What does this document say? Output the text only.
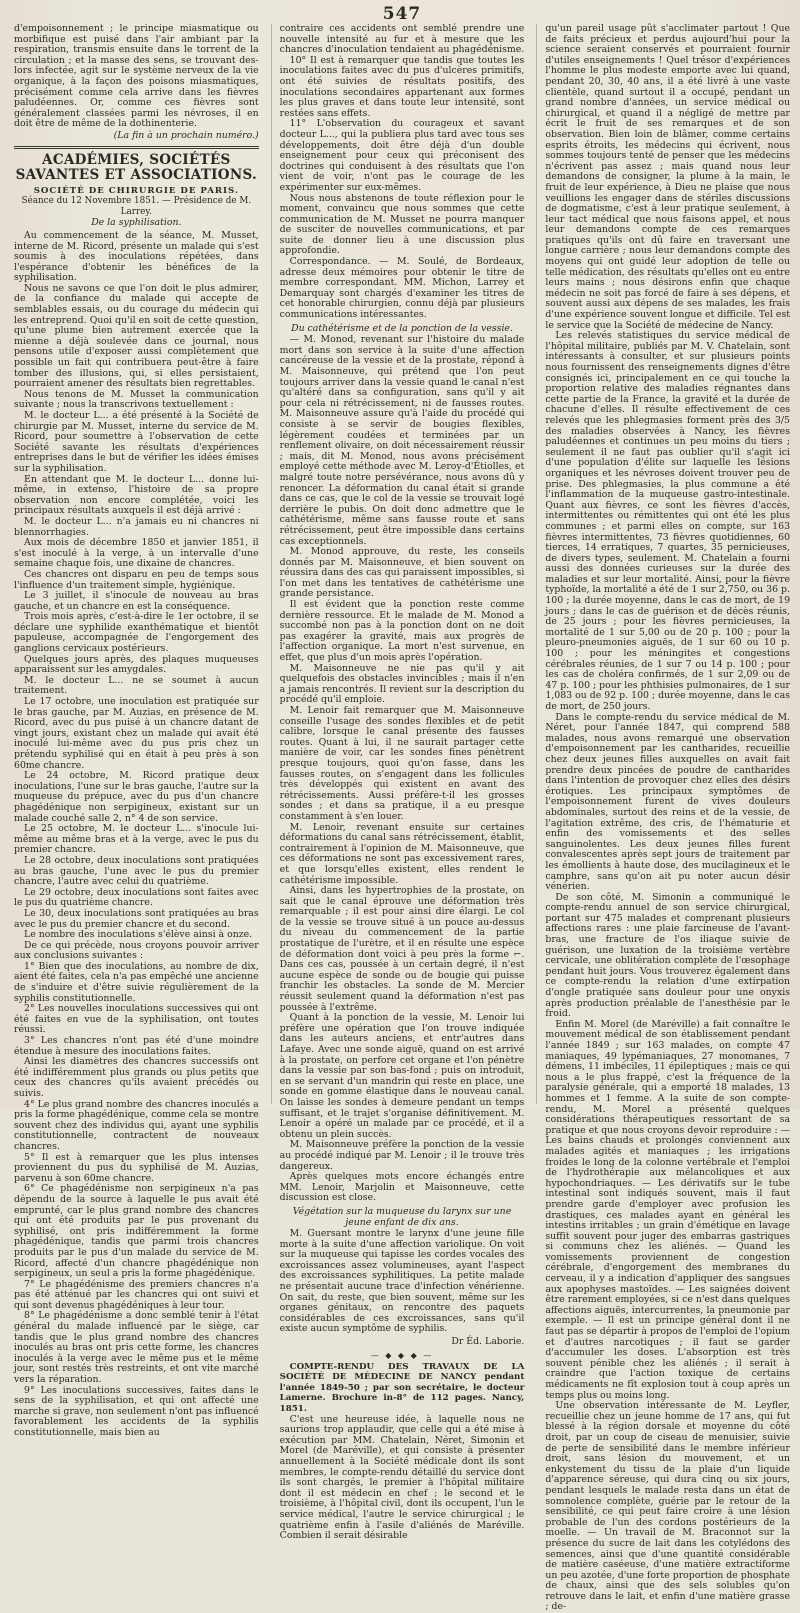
547

d'empoisonnement ; le principe miasmatique ou morbifique est puisé dans l'air ambiant par la respiration, transmis ensuite dans le torrent de la circulation ; et la masse des sens, se trouvant des-lors infectée, agit sur le système nerveux de la vie organique, à la façon des poisons miasmatiques, précisément comme cela arrive dans les fièvres paludéennes. Or, comme ces fièvres sont généralement classées parmi les névroses, il en doit être de même de la dothinenterie.

(La fin à un prochain numéro.)

ACADÉMIES, SOCIÉTÉS SAVANTES ET ASSOCIATIONS.
SOCIÉTÉ DE CHIRURGIE DE PARIS.
Séance du 12 Novembre 1851. — Présidence de M. Larrey.
De la syphilisation.

Au commencement de la séance, M. Musset, interne de M. Ricord, présente un malade qui s'est soumis à des inoculations répétées, dans l'espérance d'obtenir les bénéfices de la syphilisation.

Nous ne savons ce que l'on doit le plus admirer, de la confiance du malade qui accepte de semblables essais, ou du courage du médecin qui les entreprend. Quoi qu'il en soit de cette question, qu'une plume bien autrement exercée que la mienne a déjà soulevée dans ce journal, nous pensons utile d'exposer aussi complètement que possible un fait qui contribuera peut-être à faire tomber des illusions, qui, si elles persistaient, pourraient amener des résultats bien regrettables.

Nous tenons de M. Musset la communication suivante ; nous la transcrivons textuellement :

M. le docteur L... a été présenté à la Société de chirurgie par M. Musset, interne du service de M. Ricord, pour soumettre à l'observation de cette Société savante les résultats d'expériences entreprises dans le but de vérifier les idées émises sur la syphilisation.

En attendant que M. le docteur L... donne lui-même, in extenso, l'histoire de sa propre observation non encore complétée, voici les principaux résultats auxquels il est déjà arrivé :

M. le docteur L... n'a jamais eu ni chancres ni blennorrhagies.

Aux mois de décembre 1850 et janvier 1851, il s'est inoculé à la verge, à un intervalle d'une semaine chaque fois, une dixaine de chancres.

Ces chancres ont disparu en peu de temps sous l'influence d'un traitement simple, hygiénique.

Le 3 juillet, il s'inocule de nouveau au bras gauche, et un chancre en est la conséquence.

Trois mois après, c'est-à-dire le 1er octobre, il se déclare une syphilide exanthématique et bientôt papuleuse, accompagnée de l'engorgement des ganglions cervicaux postérieurs.

Quelques jours après, des plaques muqueuses apparaissent sur les amygdales.

M. le docteur L... ne se soumet à aucun traitement.

Le 17 octobre, une inoculation est pratiquée sur le bras gauche, par M. Auzias, en présence de M. Ricord, avec du pus puisé à un chancre datant de vingt jours, existant chez un malade qui avait été inoculé lui-même avec du pus pris chez un prétendu syphilisé qui en était à peu près à son 60me chancre.

Le 24 octobre, M. Ricord pratique deux inoculations, l'une sur le bras gauche, l'autre sur la muqueuse du prépuce, avec du pus d'un chancre phagédénique non serpigineux, existant sur un malade couché salle 2, n° 4 de son service.

Le 25 octobre, M. le docteur L... s'inocule lui-même au même bras et à la verge, avec le pus du premier chancre.

Le 28 octobre, deux inoculations sont pratiquées au bras gauche, l'une avec le pus du premier chancre, l'autre avec celui du quatrième.

Le 29 octobre, deux inoculations sont faites avec le pus du quatrième chancre.

Le 30, deux inoculations sont pratiquées au bras avec le pus du premier chancre et du second.

Le nombre des inoculations s'élève ainsi à onze.

De ce qui précède, nous croyons pouvoir arriver aux conclusions suivantes :

1° Bien que des inoculations, au nombre de dix, aient été faites, cela n'a pas empêché une ancienne de s'induire et d'être suivie régulièrement de la syphilis constitutionnelle.

2° Les nouvelles inoculations successives qui ont été faites en vue de la syphilisation, ont toutes réussi.

3° Les chancres n'ont pas été d'une moindre étendue à mesure des inoculations faites.

Ainsi les diamètres des chancres successifs ont été indifféremment plus grands ou plus petits que ceux des chancres qu'ils avaient précédés ou suivis.

4° Le plus grand nombre des chancres inoculés a pris la forme phagédénique, comme cela se montre souvent chez des individus qui, ayant une syphilis constitutionnelle, contractent de nouveaux chancres.

5° Il est à remarquer que les plus intenses proviennent du pus du syphilisé de M. Auzias, parvenu à son 60me chancre.

6° Ce phagédénisme non serpigineux n'a pas dépendu de la source à laquelle le pus avait été emprunté, car le plus grand nombre des chancres qui ont été produits par le pus provenant du syphilisé, ont pris indifféremment la forme phagédénique, tandis que parmi trois chancres produits par le pus d'un malade du service de M. Ricord, affecté d'un chancre phagédénique non serpigineux, un seul a pris la forme phagédénique.

7° Le phagédénisme des premiers chancres n'a pas été atténué par les chancres qui ont suivi et qui sont devenus phagédéniques à leur tour.

8° Le phagédénisme a donc semblé tenir à l'état général du malade influencé par le siège, car tandis que le plus grand nombre des chancres inoculés au bras ont pris cette forme, les chancres inoculés à la verge avec le même pus et le même jour, sont restés très restreints, et ont vite marché vers la réparation.

9° Les inoculations successives, faites dans le sens de la syphilisation, et qui ont affecté une marche si grave, non seulement n'ont pas influencé favorablement les accidents de la syphilis constitutionnelle, mais bien au

contraire ces accidents ont semblé prendre une nouvelle intensité au fur et à mesure que les chancres d'inoculation tendaient au phagédénisme.

10° Il est à remarquer que tandis que toutes les inoculations faites avec du pus d'ulcères primitifs, ont été suivies de résultats positifs, des inoculations secondaires appartenant aux formes les plus graves et dans toute leur intensité, sont restées sans effets.

11° L'observation du courageux et savant docteur L..., qui la publiera plus tard avec tous ses développements, doit être déjà d'un double enseignement pour ceux qui préconisent des doctrines qui conduisent à des résultats que l'on vient de voir, n'ont pas le courage de les expérimenter sur eux-mêmes.

Nous nous abstenons de toute réflexion pour le moment, convaincu que nous sommes que cette communication de M. Musset ne pourra manquer de susciter de nouvelles communications, et par suite de donner lieu à une discussion plus approfondie.

Correspondance. — M. Soulé, de Bordeaux, adresse deux mémoires pour obtenir le titre de membre correspondant. MM. Michon, Larrey et Demarquay sont chargés d'examiner les titres de cet honorable chirurgien, connu déjà par plusieurs communications intéressantes.

Du cathétérisme et de la ponction de la vessie.

— M. Monod, revenant sur l'histoire du malade mort dans son service à la suite d'une affection cancéreuse de la vessie et de la prostate, répond à M. Maisonneuve, qui prétend que l'on peut toujours arriver dans la vessie quand le canal n'est qu'altéré dans sa configuration, sans qu'il y ait pour cela ni rétrécissement, ni de fausses routes. M. Maisonneuve assure qu'à l'aide du procédé qui consiste à se servir de bougies flexibles, légèrement coudées et terminées par un renflement olivaire, on doit nécessairement réussir ; mais, dit M. Monod, nous avons précisément employé cette méthode avec M. Leroy-d'Étiolles, et malgré toute notre persévérance, nous avons dû y renoncer. La déformation du canal était si grande dans ce cas, que le col de la vessie se trouvait logé derrière le pubis. On doit donc admettre que le cathétérisme, même sans fausse route et sans rétrécissement, peut être impossible dans certains cas exceptionnels.

M. Monod approuve, du reste, les conseils donnés par M. Maisonneuve, et bien souvent on réussira dans des cas qui paraissent impossibles, si l'on met dans les tentatives de cathétérisme une grande persistance.

Il est évident que la ponction reste comme dernière ressource. Et le malade de M. Monod a succombé non pas à la ponction dont on ne doit pas exagérer la gravité, mais aux progrès de l'affection organique. La mort n'est survenue, en effet, que plus d'un mois après l'opération.

M. Maisonneuve ne nie pas qu'il y ait quelquefois des obstacles invincibles ; mais il n'en a jamais rencontrés. Il revient sur la description du procédé qu'il emploie.

M. Lenoir fait remarquer que M. Maisonneuve conseille l'usage des sondes flexibles et de petit calibre, lorsque le canal présente des fausses routes. Quant à lui, il ne saurait partager cette manière de voir, car les sondes fines pénètrent presque toujours, quoi qu'on fasse, dans les fausses routes, on s'engagent dans les follicules très développés qui existent en avant des rétrécissements. Aussi préfère-t-il les grosses sondes ; et dans sa pratique, il a eu presque constamment à s'en louer.

M. Lenoir, revenant ensuite sur certaines déformations du canal sans rétrécissement, établit, contrairement à l'opinion de M. Maisonneuve, que ces déformations ne sont pas excessivement rares, et que lorsqu'elles existent, elles rendent le cathétérisme impossible.

Ainsi, dans les hypertrophies de la prostate, on sait que le canal éprouve une déformation très remarquable ; il est pour ainsi dire élargi. Le col de la vessie se trouve situé à un pouce au-dessus du niveau du commencement de la partie prostatique de l'urètre, et il en résulte une espèce de déformation dont voici à peu près la forme ⌐. Dans ces cas, poussée à un certain degré, il n'est aucune espèce de sonde ou de bougie qui puisse franchir les obstacles. La sonde de M. Mercier réussit seulement quand la déformation n'est pas poussée à l'extrême.

Quant à la ponction de la vessie, M. Lenoir lui préfère une opération que l'on trouve indiquée dans les auteurs anciens, et entr'autres dans Lafaye. Avec une sonde aiguë, quand on est arrivé à la prostate, on perfore cet organe et l'on pénètre dans la vessie par son bas-fond ; puis on introduit, en se servant d'un mandrin qui reste en place, une sonde en gomme élastique dans le nouveau canal. On laisse les sondes à demeure pendant un temps suffisant, et le trajet s'organise définitivement. M. Lenoir a opéré un malade par ce procédé, et il a obtenu un plein succès.

M. Maisonneuve préfère la ponction de la vessie au procédé indiqué par M. Lenoir ; il le trouve très dangereux.

Après quelques mots encore échangés entre MM. Lenoir, Marjolin et Maisonneuve, cette discussion est close.

Végétation sur la muqueuse du larynx sur une jeune enfant de dix ans.

M. Guersant montre le larynx d'une jeune fille morte à la suite d'une affection variolique. On voit sur la muqueuse qui tapisse les cordes vocales des excroissances assez volumineuses, ayant l'aspect des excroissances syphilitiques. La petite malade ne présentait aucune trace d'infection vénérienne. On sait, du reste, que bien souvent, même sur les organes génitaux, on rencontre des paquets considérables de ces excroissances, sans qu'il existe aucun symptôme de syphilis.

Dr Éd. Laborie.
— ◆ ◆ ◆ —

COMPTE-RENDU DES TRAVAUX DE LA SOCIÉTÉ DE MÉDECINE DE NANCY pendant l'année 1849-50 ; par son secrétaire, le docteur Lamerne. Brochure in-8° de 112 pages. Nancy, 1851.

C'est une heureuse idée, à laquelle nous ne saurions trop applaudir, que celle qui a été mise à exécution par MM. Chatelain, Néret, Simonin et Morel (de Maréville), et qui consiste à présenter annuellement à la Société médicale dont ils sont membres, le compte-rendu détaillé du service dont ils sont chargés, le premier à l'hôpital militaire dont il est médecin en chef ; le second et le troisième, à l'hôpital civil, dont ils occupent, l'un le service médical, l'autre le service chirurgical ; le quatrième enfin à l'asile d'aliénés de Maréville. Combien il serait désirable

qu'un pareil usage pût s'acclimater partout ! Que de faits précieux et perdus aujourd'hui pour la science seraient conservés et pourraient fournir d'utiles enseignements ! Quel trésor d'expériences l'homme le plus modeste emporte avec lui quand, pendant 20, 30, 40 ans, il a été livré à une vaste clientèle, quand surtout il a occupé, pendant un grand nombre d'années, un service médical ou chirurgical, et quand il a négligé de mettre par écrit le fruit de ses remarques et de son observation. Bien loin de blâmer, comme certains esprits étroits, les médecins qui écrivent, nous sommes toujours tenté de penser que les médecins n'écrivent pas assez ; mais quand nous leur demandons de consigner, la plume à la main, le fruit de leur expérience, à Dieu ne plaise que nous veuillions les engager dans de stériles discussions de dogmatisme, c'est à leur pratique seulement, à leur tact médical que nous faisons appel, et nous leur demandons compte de ces remarques pratiques qu'ils ont dû faire en traversant une longue carrière ; nous leur demandons compte des moyens qui ont guidé leur adoption de telle ou telle médication, des résultats qu'elles ont eu entre leurs mains ; nous désirons enfin que chaque médecin ne soit pas forcé de faire à ses dépens, et souvent aussi aux dépens de ses malades, les frais d'une expérience souvent longue et difficile. Tel est le service que la Société de médecine de Nancy.

Les relevés statistiques du service médical de l'hôpital militaire, publiés par M. V. Chatelain, sont intéressants à consulter, et sur plusieurs points nous fournissent des renseignements dignes d'être consignés ici, principalement en ce qui touche la proportion relative des maladies régnantes dans cette partie de la France, la gravité et la durée de chacune d'elles. Il résulte effectivement de ces relevés que les phlegmasies forment près des 3/5 des maladies observées à Nancy, les fièvres paludéennes et continues un peu moins du tiers ; seulement il ne faut pas oublier qu'il s'agit ici d'une population d'élite sur laquelle les lésions organiques et les névroses doivent trouver peu de prise. Des phlegmasies, la plus commune a été l'inflammation de la muqueuse gastro-intestinale. Quant aux fièvres, ce sont les fièvres d'accès, intermittentes ou rémittentes qui ont été les plus communes ; et parmi elles on compte, sur 163 fièvres intermittentes, 73 fièvres quotidiennes, 60 tierces, 14 erratiques, 7 quartes, 35 pernicieuses, de divers types, seulement. M. Chatelain a fourni aussi des données curieuses sur la durée des maladies et sur leur mortalité. Ainsi, pour la fièvre typhoïde, la mortalité a été de 1 sur 2,750, ou 36 p. 100 ; la durée moyenne, dans le cas de mort, de 19 jours ; dans le cas de guérison et de décès réunis, de 25 jours ; pour les fièvres pernicieuses, la mortalité de 1 sur 5,00 ou de 20 p. 100 ; pour la pleuro-pneumonies aiguës, de 1 sur 60 ou 10 p. 100 ; pour les méningites et congestions cérébrales réunies, de 1 sur 7 ou 14 p. 100 ; pour les cas de choléra confirmés, de 1 sur 2,09 ou de 47 p. 100 ; pour les phthisies pulmonaires, de 1 sur 1,083 ou de 92 p. 100 ; durée moyenne, dans le cas de mort, de 250 jours.

Dans le compte-rendu du service médical de M. Néret, pour l'année 1847, qui comprend 588 malades, nous avons remarqué une observation d'empoisonnement par les cantharides, recueillie chez deux jeunes filles auxquelles on avait fait prendre deux pincées de poudre de cantharides dans l'intention de provoquer chez elles des désirs érotiques. Les principaux symptômes de l'empoisonnement furent de vives douleurs abdominales, surtout des reins et de la vessie, de l'agitation extrême, des cris, de l'hématurie et enfin des vomissements et des selles sanguinolentes. Les deux jeunes filles furent convalescentes après sept jours de traitement par les émollients à haute dose, des mucilagineux et le camphre, sans qu'on ait pu noter aucun désir vénérien.

De son côté, M. Simonin a communiqué le compte-rendu annuel de son service chirurgical, portant sur 475 malades et comprenant plusieurs affections rares : une plaie farcineuse de l'avant-bras, une fracture de l'os iliaque suivie de guérison, une luxation de la troisième vertèbre cervicale, une oblitération complète de l'œsophage pendant huit jours. Vous trouverez également dans ce compte-rendu la relation d'une extirpation d'ongle pratiquée sans douleur pour une onyxis après production préalable de l'anesthésie par le froid.

Enfin M. Morel (de Maréville) a fait connaître le mouvement médical de son établissement pendant l'année 1849 ; sur 163 malades, on compte 47 maniaques, 49 lypémaniaques, 27 monomanes, 7 démens, 11 imbéciles, 11 épileptiques ; mais ce qui nous a le plus frappé, c'est la fréquence de la paralysie générale, qui a emporté 18 malades, 13 hommes et 1 femme. A la suite de son compte-rendu, M. Morel a présenté quelques considérations thérapeutiques ressortant de sa pratique et que nous croyons devoir reproduire : — Les bains chauds et prolongés conviennent aux malades agités et maniaques ; les irrigations froides le long de la colonne vertébrale et l'emploi de l'hydrothérapie aux mélancoliques et aux hypochondriaques. — Les dérivatifs sur le tube intestinal sont indiqués souvent, mais il faut prendre garde d'employer avec profusion les drastiques, ces malades ayant en général les intestins irritables ; un grain d'émétique en lavage suffit souvent pour juger des embarras gastriques si communs chez les aliénés. — Quand les vomissements proviennent de congestion cérébrale, d'engorgement des membranes du cerveau, il y a indication d'appliquer des sangsues aux apophyses mastoïdes. — Les saignées doivent être rarement employées, si ce n'est dans quelques affections aiguës, intercurrentes, la pneumonie par exemple. — Il est un principe général dont il ne faut pas se départir à propos de l'emploi de l'opium et d'autres narcotiques ; il faut se garder d'accumuler les doses. L'absorption est très souvent pénible chez les aliénés ; il serait à craindre que l'action toxique de certains médicaments ne fît explosion tout à coup après un temps plus ou moins long.

Une observation intéressante de M. Leyfler, recueillie chez un jeune homme de 17 ans, qui fut blessé à la région dorsale et moyenne du côté droit, par un coup de ciseau de menuisier, suivie de perte de sensibilité dans le membre inférieur droit, sans lésion du mouvement, et un enkystement du tissu de la plaie d'un liquide d'apparence séreuse, qui dura cinq ou six jours, pendant lesquels le malade resta dans un état de somnolence complète, guérie par le retour de la sensibilité, ce qui peut faire croire à une lésion probable de l'un des cordons postérieurs de la moelle. — Un travail de M. Braconnot sur la présence du sucre de lait dans les cotylédons des semences, ainsi que d'une quantité considérable de matière caséeuse, d'une matière extractiforme un peu azotée, d'une forte proportion de phosphate de chaux, ainsi que des sels solubles qu'on retrouve dans le lait, et enfin d'une matière grasse ; de-
